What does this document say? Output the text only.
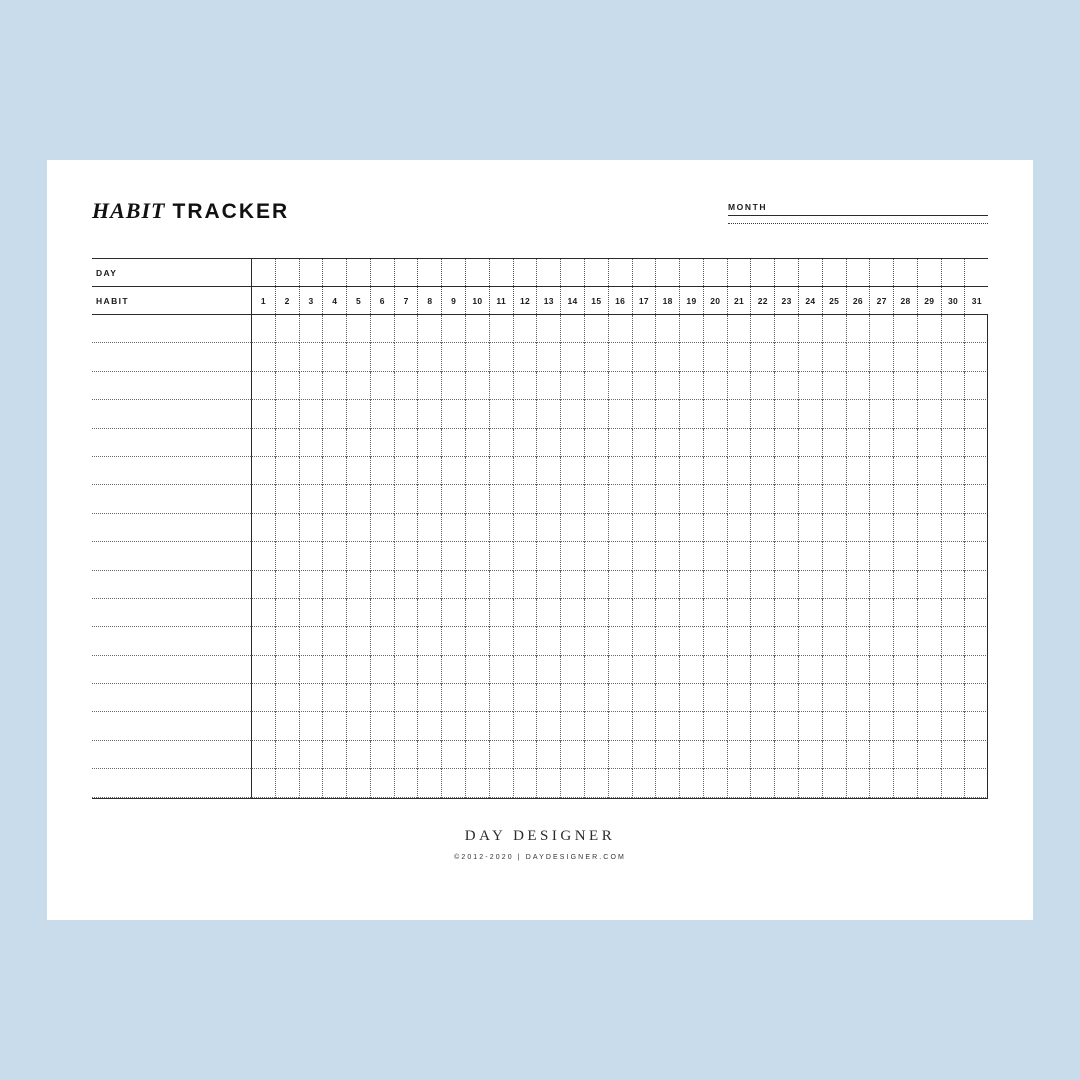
HABIT TRACKER	MONTH
DAY
HABIT	1	2	3	4	5	6	7	8	9	10	11	12	13	14	15	16	17	18	19	20	21	22	23	24	25	26	27	28	29	30	31
DAY DESIGNER
©2012-2020 | DAYDESIGNER.COM
